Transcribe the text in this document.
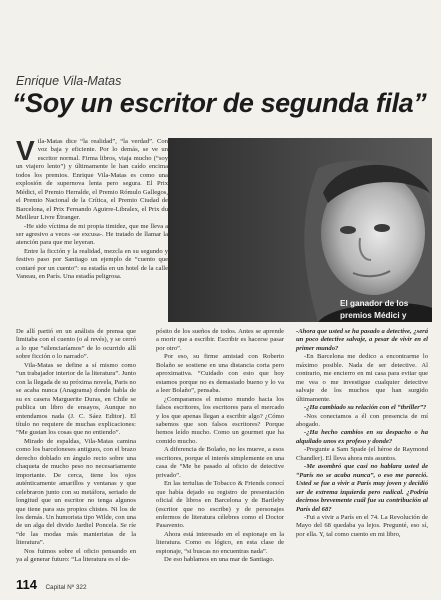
Enrique Vila-Matas
“Soy un escritor de segunda fila”

Vila-Matas dice “la realidad”, “la verdad”. Con voz baja y eficiente. Por lo demás, se ve un escritor normal. Firma libros, viaja mucho (“soy un viajero lento”) y últimamente le han caído encima todos los premios. Enrique Vila-Matas es como una explosión de supernova lenta pero segura. El Prix Médici, el Premio Herralde, el Premio Rómulo Gallegos, el Premio Nacional de la Crítica, el Premio Ciudad de Barcelona, el Prix Fernando Aguirre-Libralex, el Prix du Meilleur Livre Étranger.

-He sido víctima de mi propia timidez, que me lleva a ser agresivo a veces -se excusa-. He tratado de llamar la atención para que me leyeran.

Entre la ficción y la realidad, mezcla en su segundo y festivo paso por Santiago un ejemplo de “cuento que contaré por un cuento”: su estadía en un hotel de la calle Vaneau, en París. Una estadía peligrosa.

El ganador de los premios Médici y

De allí partió en un análisis de prensa que limitaba con el cuento (o al revés), y se cerró a lo que “silenciaríamos” de lo ocurrido allí sobre ficción o lo narrado”.

Vila-Matas se define a sí mismo como “un trabajador interior de la literatura”. Junto con la llegada de su próxima novela, Paris no se acaba nunca (Anagrama) donde habla de su ex casera Marguerite Duras, en Chile se publica un libro de ensayos, Aunque no entendamos nada (J. C. Sáez Editor). El título no requiere de muchas explicaciones: “Me gustan los cosas que no entiendo”.

Mirado de espaldas, Vila-Matas camina como los barceloneses antiguos, con el brazo derecho doblado en ángulo recto sobre una chaqueta de mucho peso no necesariamente importante. De cerca, tiene los ojos auténticamente amarillos y ventanas y que celebraron junto con su metáfora, seriado de longitud que un escritor no tenga algunos que tiene para sus propios chistes. Ni los de los demás. Un humorista tipo Wilde, con una de un alga del divido Jardiel Poncela. Se ríe “de las modas más manieristas de la literatura”.

Nos fuimos sobre el oficio pensando en ya al generar futuro: “La literatura es el de-

pósito de los sueños de todos. Antes se aprende a morir que a escribir. Escribir es hacerse pasar por otro”.

Por eso, su firme amistad con Roberto Bolaño se sostiene en una distancia corta pero aproximativa. “Cuidado con esto que hoy estamos porque no es demasiado bueno y lo va a leer Bolaño”, pensaba.

¿Comparamos el mismo mundo hacia los falsos escritores, los escritores para el mercado y los que apenas llegan a escribir algo? ¿Cómo sabemos que son falsos escritores? Porque hemos leído mucho. Como un gourmet que ha comido mucho.

A diferencia de Bolaño, no les mueve, a esos escritores, porque el interés simplemente en una casa de “Me he pasado al oficio de detective privado”.

En las tertulias de Tobacco & Friends conocí que había dejado su registro de presentación oficial de libros en Barcelona y de Bartleby (escritor que no escribe) y de personajes enfermos de literatura célebres como el Doctor Pasavento.

Ahora está interesado en el espionaje en la literatura. Como es lógico, en esta clase de espionaje, “si buscas no encuentras nada”.

De eso hablamos en una mar de Santiago.

-Ahora que usted se ha pasado a detective, ¿será un poco detective salvaje, a pesar de vivir en el primer mundo?

-En Barcelona me dedico a encontrarme lo máximo posible. Nada de ser detective. Al contrario, me encierro en mi casa para evitar que me vea o me investigue cualquier detective salvaje de los muchos que han surgido últimamente.

-¿Ha cambiado su relación con el “thriller”?

-Nos conectamos a él con presencia de mí abogado.

-¿Ha hecho cambios en su despacho o ha alquilado unos ex profeso y donde?

-Pregunte a Sam Spade (el héroe de Raymond Chandler). El lleva ahora mis asuntos.

-Me asombró que casi no hablara usted de “París no se acaba nunca”, o eso me pareció. Usted se fue a vivir a París muy joven y decidió ser de extrema izquierda pero radical. ¿Podría decirnos brevemente cuál fue su contribución al París del 68?

-Fui a vivir a París en el 74. La Revolución de Mayo del 68 quedaba ya lejos. Pregunté, eso sí, por ella. Y, tal como cuento en mi libro,

114 Capital Nº 322
